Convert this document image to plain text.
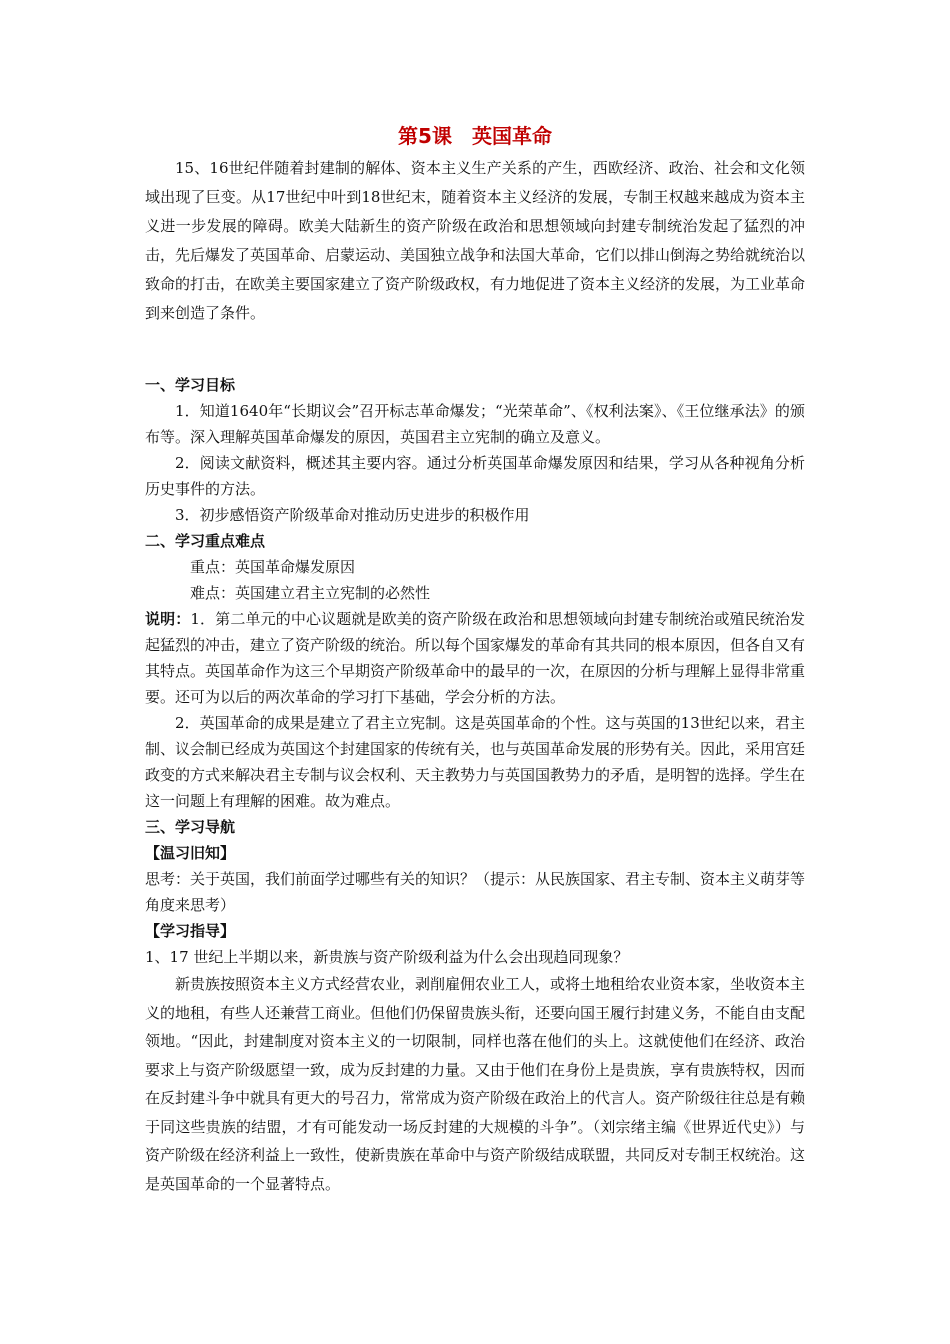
第5课　英国革命
15、16世纪伴随着封建制的解体、资本主义生产关系的产生，西欧经济、政治、社会和文化领域出现了巨变。从17世纪中叶到18世纪末，随着资本主义经济的发展，专制王权越来越成为资本主义进一步发展的障碍。欧美大陆新生的资产阶级在政治和思想领域向封建专制统治发起了猛烈的冲击，先后爆发了英国革命、启蒙运动、美国独立战争和法国大革命，它们以排山倒海之势给就统治以致命的打击，在欧美主要国家建立了资产阶级政权，有力地促进了资本主义经济的发展，为工业革命到来创造了条件。

一、学习目标

1．知道1640年“长期议会”召开标志革命爆发；“光荣革命”、《权利法案》、《王位继承法》的颁布等。深入理解英国革命爆发的原因，英国君主立宪制的确立及意义。

2．阅读文献资料，概述其主要内容。通过分析英国革命爆发原因和结果，学习从各种视角分析历史事件的方法。

3．初步感悟资产阶级革命对推动历史进步的积极作用

二、学习重点难点

重点：英国革命爆发原因

难点：英国建立君主立宪制的必然性

说明：1．第二单元的中心议题就是欧美的资产阶级在政治和思想领域向封建专制统治或殖民统治发起猛烈的冲击，建立了资产阶级的统治。所以每个国家爆发的革命有其共同的根本原因，但各自又有其特点。英国革命作为这三个早期资产阶级革命中的最早的一次，在原因的分析与理解上显得非常重要。还可为以后的两次革命的学习打下基础，学会分析的方法。

2．英国革命的成果是建立了君主立宪制。这是英国革命的个性。这与英国的13世纪以来，君主制、议会制已经成为英国这个封建国家的传统有关，也与英国革命发展的形势有关。因此，采用宫廷政变的方式来解决君主专制与议会权利、天主教势力与英国国教势力的矛盾，是明智的选择。学生在这一问题上有理解的困难。故为难点。

三、学习导航

【温习旧知】

思考：关于英国，我们前面学过哪些有关的知识？（提示：从民族国家、君主专制、资本主义萌芽等角度来思考）

【学习指导】

1、17 世纪上半期以来，新贵族与资产阶级利益为什么会出现趋同现象？

新贵族按照资本主义方式经营农业，剥削雇佣农业工人，或将土地租给农业资本家，坐收资本主义的地租，有些人还兼营工商业。但他们仍保留贵族头衔，还要向国王履行封建义务，不能自由支配领地。“因此，封建制度对资本主义的一切限制，同样也落在他们的头上。这就使他们在经济、政治要求上与资产阶级愿望一致，成为反封建的力量。又由于他们在身份上是贵族，享有贵族特权，因而在反封建斗争中就具有更大的号召力，常常成为资产阶级在政治上的代言人。资产阶级往往总是有赖于同这些贵族的结盟，才有可能发动一场反封建的大规模的斗争”。（刘宗绪主编《世界近代史》）与资产阶级在经济利益上一致性，使新贵族在革命中与资产阶级结成联盟，共同反对专制王权统治。这是英国革命的一个显著特点。
